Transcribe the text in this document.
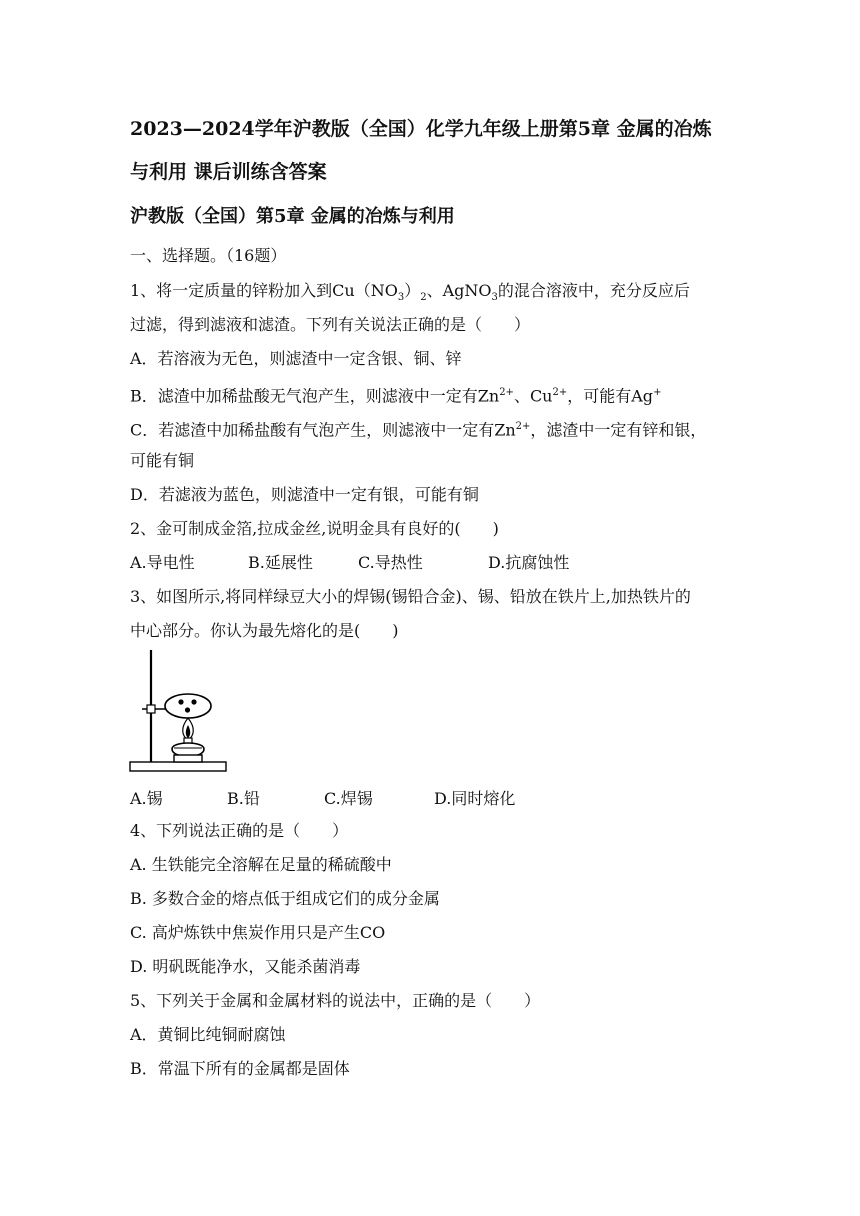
2023—2024学年沪教版（全国）化学九年级上册第5章 金属的冶炼
与利用 课后训练含答案
沪教版（全国）第5章 金属的冶炼与利用
一、选择题。（16题）
1、将一定质量的锌粉加入到$Cu(NO_3)_2$、AgNO$_3$的混合溶液中，充分反应后
过滤，得到滤液和滤渣。下列有关说法正确的是（　　）
A．若溶液为无色，则滤渣中一定含银、铜、锌
B．滤渣中加稀盐酸无气泡产生，则滤液中一定有$Zn^{2+}$、$Cu^{2+}$，可能有Ag+
C．若滤渣中加稀盐酸有气泡产生，则滤液中一定有$Zn^{2+}$，滤渣中一定有锌和银，
可能有铜
D．若滤液为蓝色，则滤渣中一定有银，可能有铜
2、金可制成金箔,拉成金丝,说明金具有良好的(　　)
A.导电性	B.延展性	C.导热性	D.抗腐蚀性
3、如图所示,将同样绿豆大小的焊锡(锡铅合金)、锡、铅放在铁片上,加热铁片的
中心部分。你认为最先熔化的是(　　)
A.锡	B.铅	C.焊锡	D.同时熔化
4、下列说法正确的是（　　）
A. 生铁能完全溶解在足量的稀硫酸中
B. 多数合金的熔点低于组成它们的成分金属
C. 高炉炼铁中焦炭作用只是产生CO
D. 明矾既能净水，又能杀菌消毒
5、下列关于金属和金属材料的说法中，正确的是（　　）
A．黄铜比纯铜耐腐蚀
B．常温下所有的金属都是固体
